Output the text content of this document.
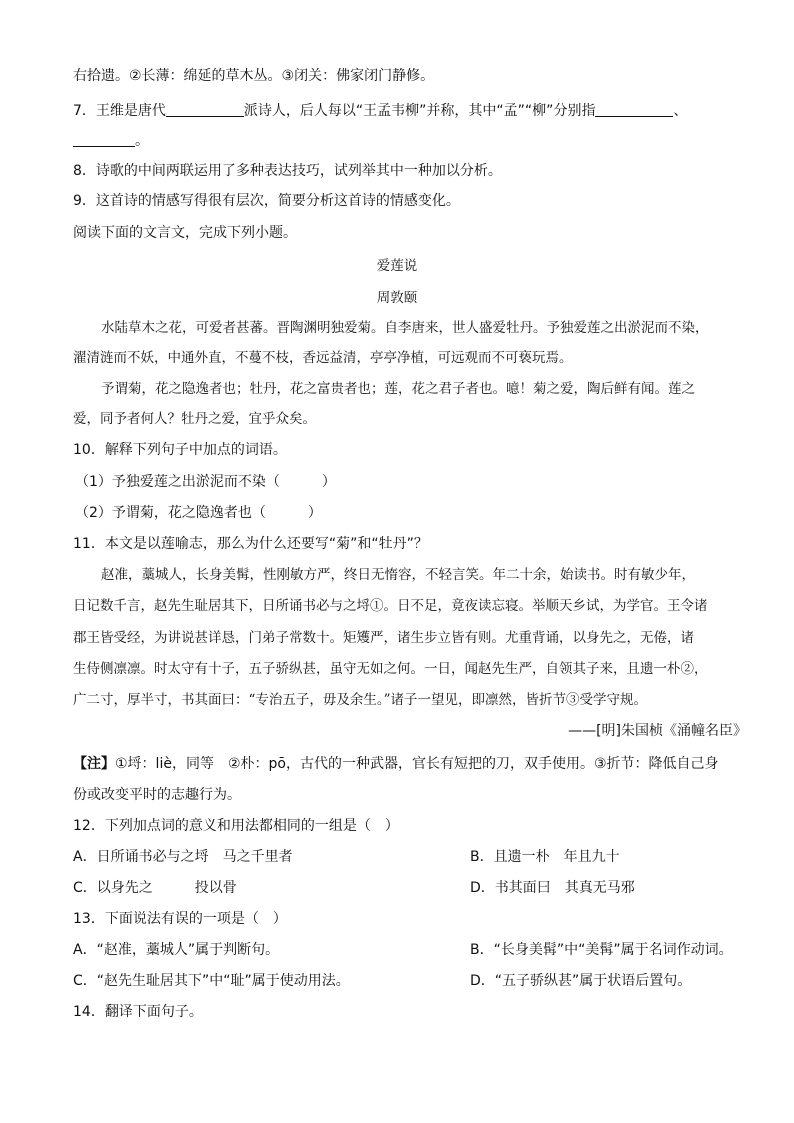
右拾遗。②长薄：绵延的草木丛。③闭关：佛家闭门静修。
7．王维是唐代	派诗人，后人每以“王孟韦柳”并称，其中“孟”“柳”分别指	、
。
8．诗歌的中间两联运用了多种表达技巧，试列举其中一种加以分析。
9．这首诗的情感写得很有层次，简要分析这首诗的情感变化。
阅读下面的文言文，完成下列小题。
爱莲说
周敦颐
水陆草木之花，可爱者甚蕃。晋陶渊明独爱菊。自李唐来，世人盛爱牡丹。予独爱莲之出淤泥而不染，
濯清涟而不妖，中通外直，不蔓不枝，香远益清，亭亭净植，可远观而不可亵玩焉。
予谓菊，花之隐逸者也；牡丹，花之富贵者也；莲，花之君子者也。噫！菊之爱，陶后鲜有闻。莲之
爱，同予者何人？牡丹之爱，宜乎众矣。
10．解释下列句子中加点的词语。
（1）予独爱莲之出淤泥而不染（　　　）
（2）予谓菊，花之隐逸者也（　　　）
11．本文是以莲喻志，那么为什么还要写“菊”和“牡丹”？
赵准，藁城人，长身美髯，性刚敏方严，终日无惰容，不轻言笑。年二十余，始读书。时有敏少年，
日记数千言，赵先生耻居其下，日所诵书必与之埒①。日不足，竟夜读忘寝。举顺天乡试，为学官。王令诸
郡王皆受经，为讲说甚详恳，门弟子常数十。矩矱严，诸生步立皆有则。尤重背诵，以身先之，无倦，诸
生侍侧凛凛。时太守有十子，五子骄纵甚，虽守无如之何。一日，闻赵先生严，自领其子来，且遗一朴②，
广二寸，厚半寸，书其面曰：“专治五子，毋及余生。”诸子一望见，即凛然，皆折节③受学守规。
——[明]朱国桢《涌幢名臣》
【注】①埒：liè，同等　②朴：pō，古代的一种武器，官长有短把的刀，双手使用。③折节：降低自己身
份或改变平时的志趣行为。
12．下列加点词的意义和用法都相同的一组是（　）
A．日所诵书必与之埒　马之千里者	B．且遗一朴　年且九十
C．以身先之　　　投以骨	D．书其面曰　其真无马邪
13．下面说法有误的一项是（　）
A．“赵准，藁城人”属于判断句。	B．“长身美髯”中“美髯”属于名词作动词。
C．“赵先生耻居其下”中“耻”属于使动用法。	D．“五子骄纵甚”属于状语后置句。
14．翻译下面句子。
